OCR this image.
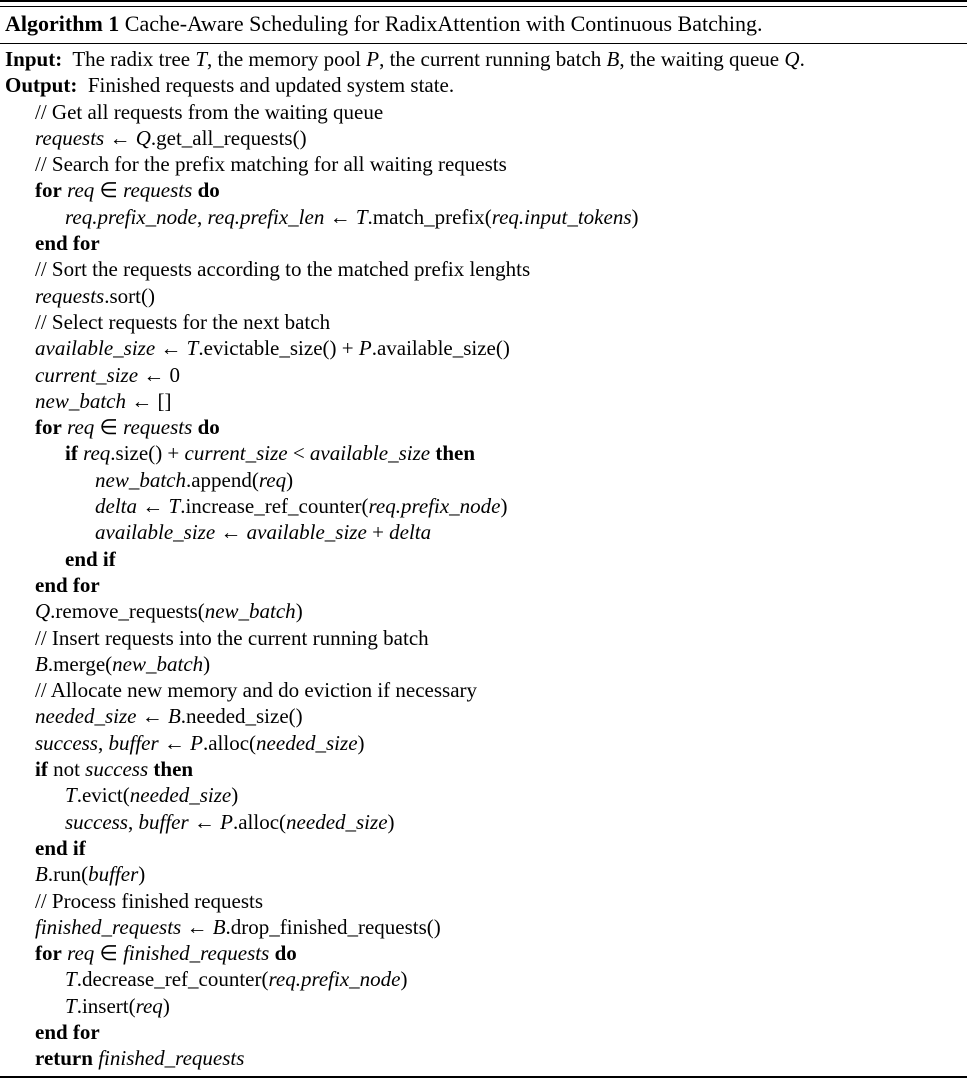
Algorithm 1 Cache-Aware Scheduling for RadixAttention with Continuous Batching.
Input:  The radix tree T, the memory pool P, the current running batch B, the waiting queue Q.
Output:  Finished requests and updated system state.
// Get all requests from the waiting queue
requests ← Q.get_all_requests()
// Search for the prefix matching for all waiting requests
for req ∈ requests do
req.prefix_node, req.prefix_len ← T.match_prefix(req.input_tokens)
end for
// Sort the requests according to the matched prefix lenghts
requests.sort()
// Select requests for the next batch
available_size ← T.evictable_size() + P.available_size()
current_size ← 0
new_batch ← []
for req ∈ requests do
if req.size() + current_size < available_size then
new_batch.append(req)
delta ← T.increase_ref_counter(req.prefix_node)
available_size ← available_size + delta
end if
end for
Q.remove_requests(new_batch)
// Insert requests into the current running batch
B.merge(new_batch)
// Allocate new memory and do eviction if necessary
needed_size ← B.needed_size()
success, buffer ← P.alloc(needed_size)
if not success then
T.evict(needed_size)
success, buffer ← P.alloc(needed_size)
end if
B.run(buffer)
// Process finished requests
finished_requests ← B.drop_finished_requests()
for req ∈ finished_requests do
T.decrease_ref_counter(req.prefix_node)
T.insert(req)
end for
return finished_requests
